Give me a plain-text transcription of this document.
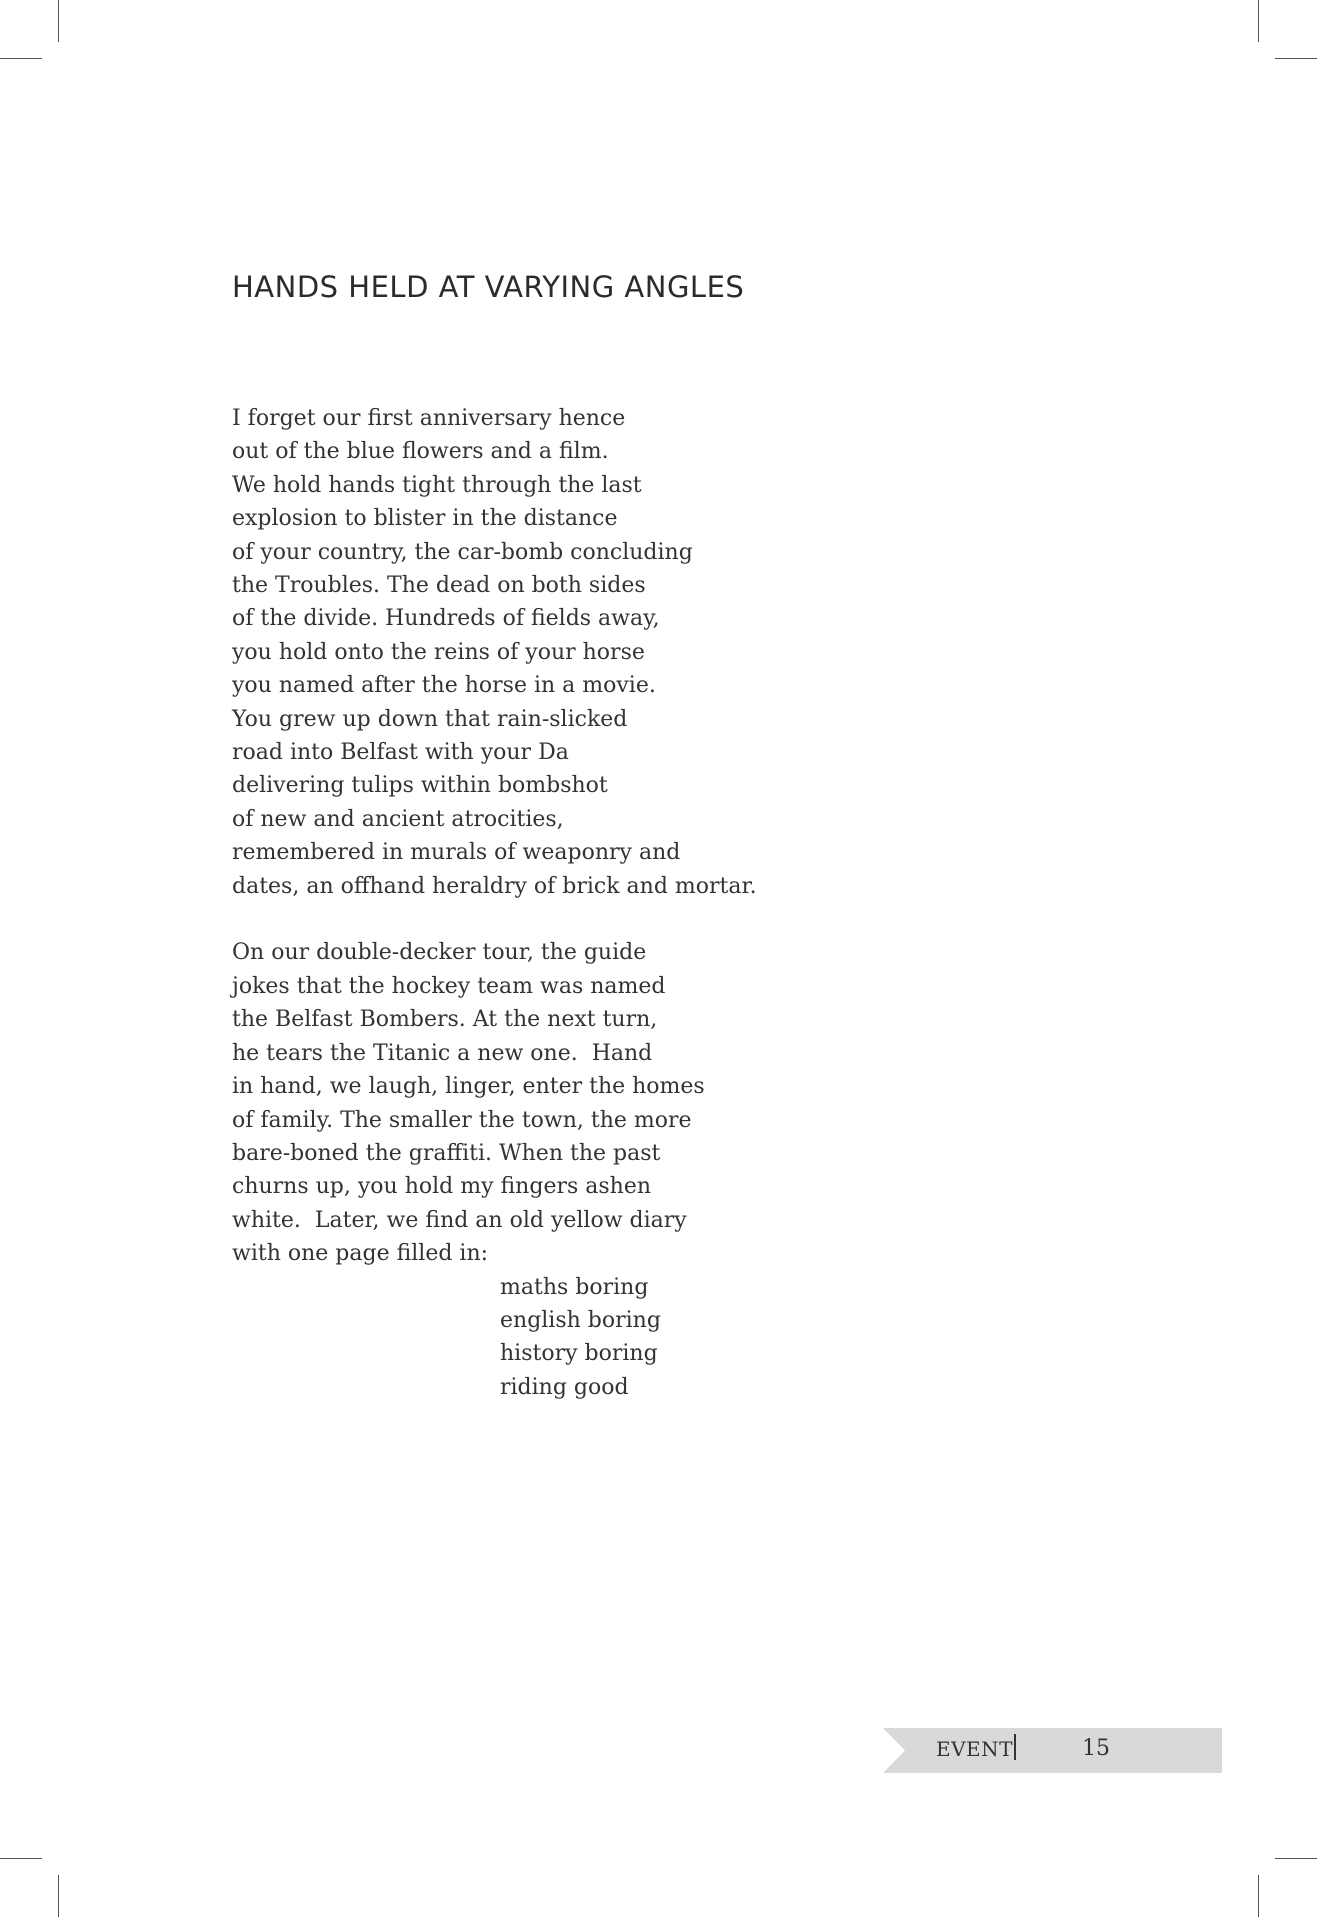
HANDS HELD AT VARYING ANGLES
I forget our first anniversary hence
out of the blue flowers and a film.
We hold hands tight through the last
explosion to blister in the distance
of your country, the car-bomb concluding
the Troubles. The dead on both sides
of the divide. Hundreds of fields away,
you hold onto the reins of your horse
you named after the horse in a movie.
You grew up down that rain-slicked
road into Belfast with your Da
delivering tulips within bombshot
of new and ancient atrocities,
remembered in murals of weaponry and
dates, an offhand heraldry of brick and mortar.
On our double-decker tour, the guide
jokes that the hockey team was named
the Belfast Bombers. At the next turn,
he tears the Titanic a new one.  Hand
in hand, we laugh, linger, enter the homes
of family. The smaller the town, the more
bare-boned the graffiti. When the past
churns up, you hold my fingers ashen
white.  Later, we find an old yellow diary
with one page filled in:
maths boring
english boring
history boring
riding good
EVENT	15
